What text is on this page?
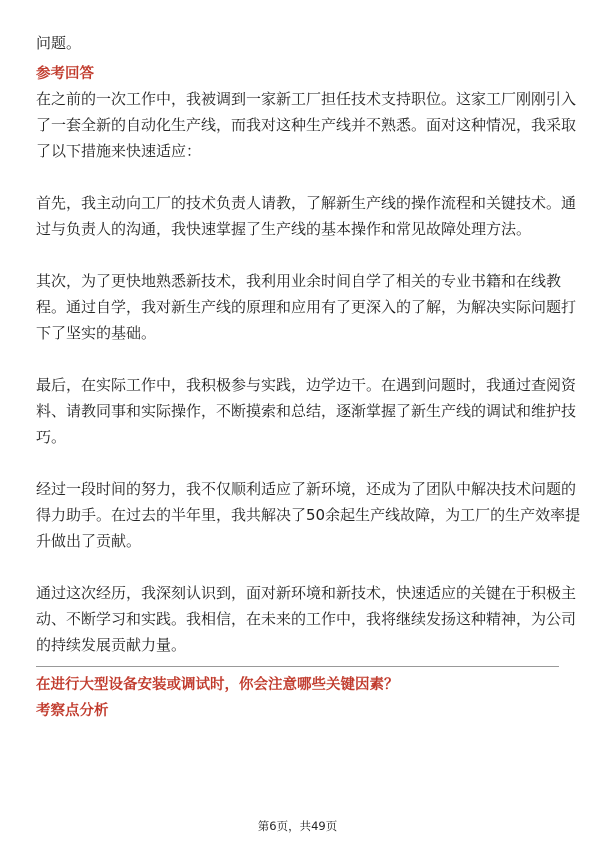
问题。

参考回答

在之前的一次工作中，我被调到一家新工厂担任技术支持职位。这家工厂刚刚引入

了一套全新的自动化生产线，而我对这种生产线并不熟悉。面对这种情况，我采取

了以下措施来快速适应：

首先，我主动向工厂的技术负责人请教，了解新生产线的操作流程和关键技术。通

过与负责人的沟通，我快速掌握了生产线的基本操作和常见故障处理方法。

其次，为了更快地熟悉新技术，我利用业余时间自学了相关的专业书籍和在线教

程。通过自学，我对新生产线的原理和应用有了更深入的了解，为解决实际问题打

下了坚实的基础。

最后，在实际工作中，我积极参与实践，边学边干。在遇到问题时，我通过查阅资

料、请教同事和实际操作，不断摸索和总结，逐渐掌握了新生产线的调试和维护技

巧。

经过一段时间的努力，我不仅顺利适应了新环境，还成为了团队中解决技术问题的

得力助手。在过去的半年里，我共解决了50余起生产线故障，为工厂的生产效率提

升做出了贡献。

通过这次经历，我深刻认识到，面对新环境和新技术，快速适应的关键在于积极主

动、不断学习和实践。我相信，在未来的工作中，我将继续发扬这种精神，为公司

的持续发展贡献力量。

在进行大型设备安装或调试时，你会注意哪些关键因素？

考察点分析

第6页，共49页
